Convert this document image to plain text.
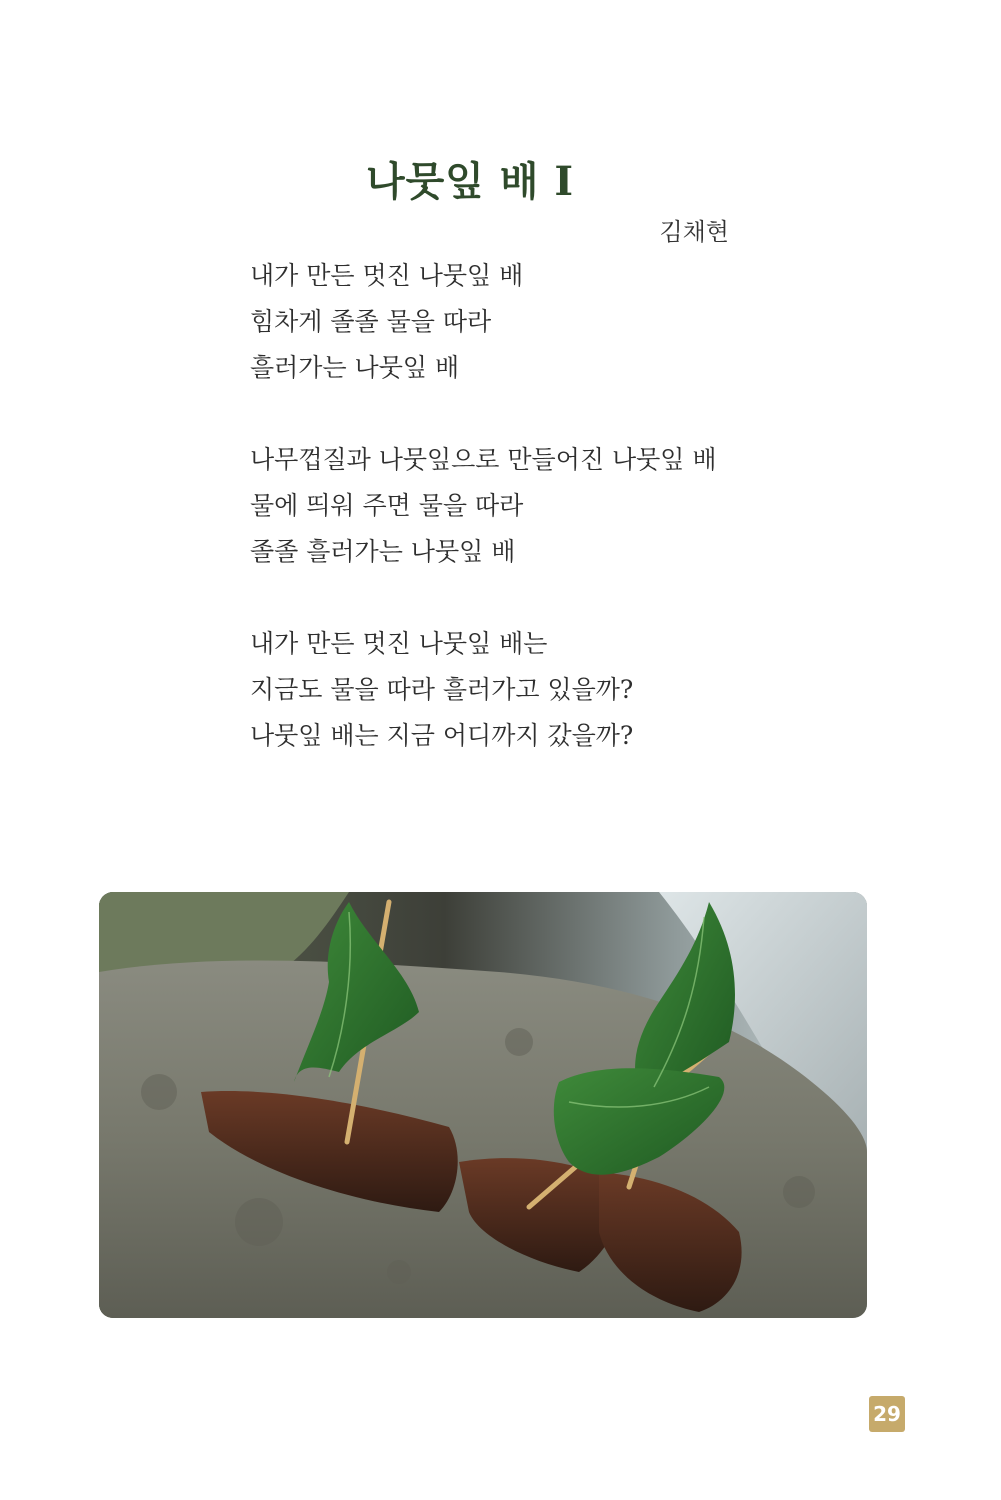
나뭇잎 배 Ⅰ
김채현
내가 만든 멋진 나뭇잎 배
힘차게 졸졸 물을 따라
흘러가는 나뭇잎 배
나무껍질과 나뭇잎으로 만들어진 나뭇잎 배
물에 띄워 주면 물을 따라
졸졸 흘러가는 나뭇잎 배
내가 만든 멋진 나뭇잎 배는
지금도 물을 따라 흘러가고 있을까?
나뭇잎 배는 지금 어디까지 갔을까?
29
